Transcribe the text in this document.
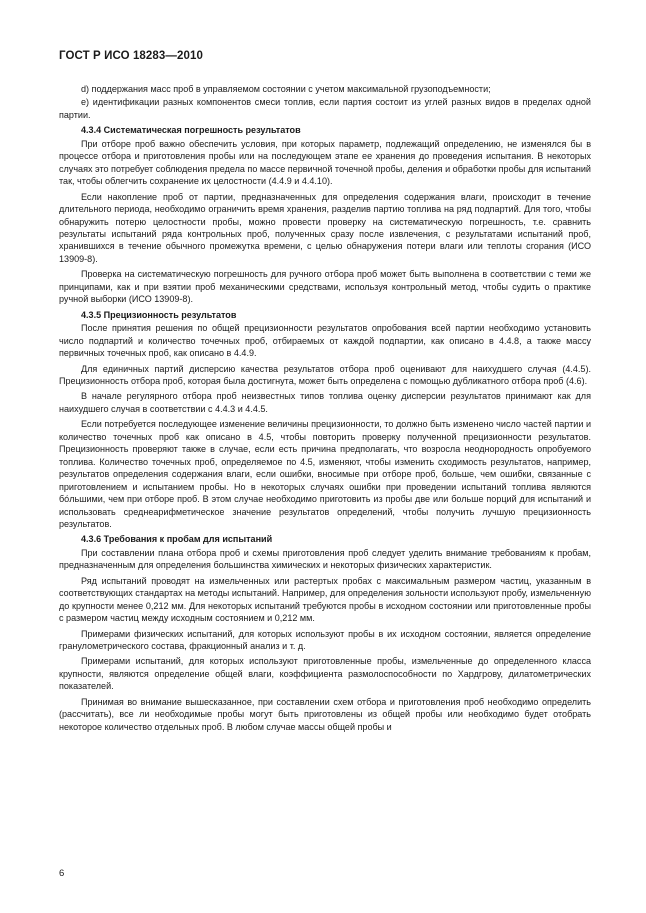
ГОСТ Р ИСО 18283—2010

d) поддержания масс проб в управляемом состоянии с учетом максимальной грузоподъемности;

е) идентификации разных компонентов смеси топлив, если партия состоит из углей разных видов в пределах одной партии.

4.3.4 Систематическая погрешность результатов

При отборе проб важно обеспечить условия, при которых параметр, подлежащий определению, не изменялся бы в процессе отбора и приготовления пробы или на последующем этапе ее хранения до проведения испытания. В некоторых случаях это потребует соблюдения предела по массе первичной точечной пробы, деления и обработки пробы для испытаний так, чтобы облегчить сохранение их целостности (4.4.9 и 4.4.10).

Если накопление проб от партии, предназначенных для определения содержания влаги, происходит в течение длительного периода, необходимо ограничить время хранения, разделив партию топлива на ряд подпартий. Для того, чтобы обнаружить потерю целостности пробы, можно провести проверку на систематическую погрешность, т.е. сравнить результаты испытаний ряда контрольных проб, полученных сразу после извлечения, с результатами испытаний проб, хранившихся в течение обычного промежутка времени, с целью обнаружения потери влаги или теплоты сгорания (ИСО 13909-8).

Проверка на систематическую погрешность для ручного отбора проб может быть выполнена в соответствии с теми же принципами, как и при взятии проб механическими средствами, используя контрольный метод, чтобы судить о практике ручной выборки (ИСО 13909-8).

4.3.5 Прецизионность результатов

После принятия решения по общей прецизионности результатов опробования всей партии необходимо установить число подпартий и количество точечных проб, отбираемых от каждой подпартии, как описано в 4.4.8, а также массу первичных точечных проб, как описано в 4.4.9.

Для единичных партий дисперсию качества результатов отбора проб оценивают для наихудшего случая (4.4.5). Прецизионность отбора проб, которая была достигнута, может быть определена с помощью дубликатного отбора проб (4.6).

В начале регулярного отбора проб неизвестных типов топлива оценку дисперсии результатов принимают как для наихудшего случая в соответствии с 4.4.3 и 4.4.5.

Если потребуется последующее изменение величины прецизионности, то должно быть изменено число частей партии и количество точечных проб как описано в 4.5, чтобы повторить проверку полученной прецизионности результатов. Прецизионность проверяют также в случае, если есть причина предполагать, что возросла неоднородность опробуемого топлива. Количество точечных проб, определяемое по 4.5, изменяют, чтобы изменить сходимость результатов, например, результатов определения содержания влаги, если ошибки, вносимые при отборе проб, больше, чем ошибки, связанные с приготовлением и испытанием пробы. Но в некоторых случаях ошибки при проведении испытаний топлива являются бо́льшими, чем при отборе проб. В этом случае необходимо приготовить из пробы две или больше порций для испытаний и использовать среднеарифметическое значение результатов определений, чтобы получить лучшую прецизионность результатов.

4.3.6 Требования к пробам для испытаний

При составлении плана отбора проб и схемы приготовления проб следует уделить внимание требованиям к пробам, предназначенным для определения большинства химических и некоторых физических характеристик.

Ряд испытаний проводят на измельченных или растертых пробах с максимальным размером частиц, указанным в соответствующих стандартах на методы испытаний. Например, для определения зольности используют пробу, измельченную до крупности менее 0,212 мм. Для некоторых испытаний требуются пробы в исходном состоянии или приготовленные пробы с размером частиц между исходным состоянием и 0,212 мм.

Примерами физических испытаний, для которых используют пробы в их исходном состоянии, является определение гранулометрического состава, фракционный анализ и т. д.

Примерами испытаний, для которых используют приготовленные пробы, измельченные до определенного класса крупности, являются определение общей влаги, коэффициента размолоспособности по Хардгрову, дилатометрических показателей.

Принимая во внимание вышесказанное, при составлении схем отбора и приготовления проб необходимо определить (рассчитать), все ли необходимые пробы могут быть приготовлены из общей пробы или необходимо будет отобрать некоторое количество отдельных проб. В любом случае массы общей пробы и

6
